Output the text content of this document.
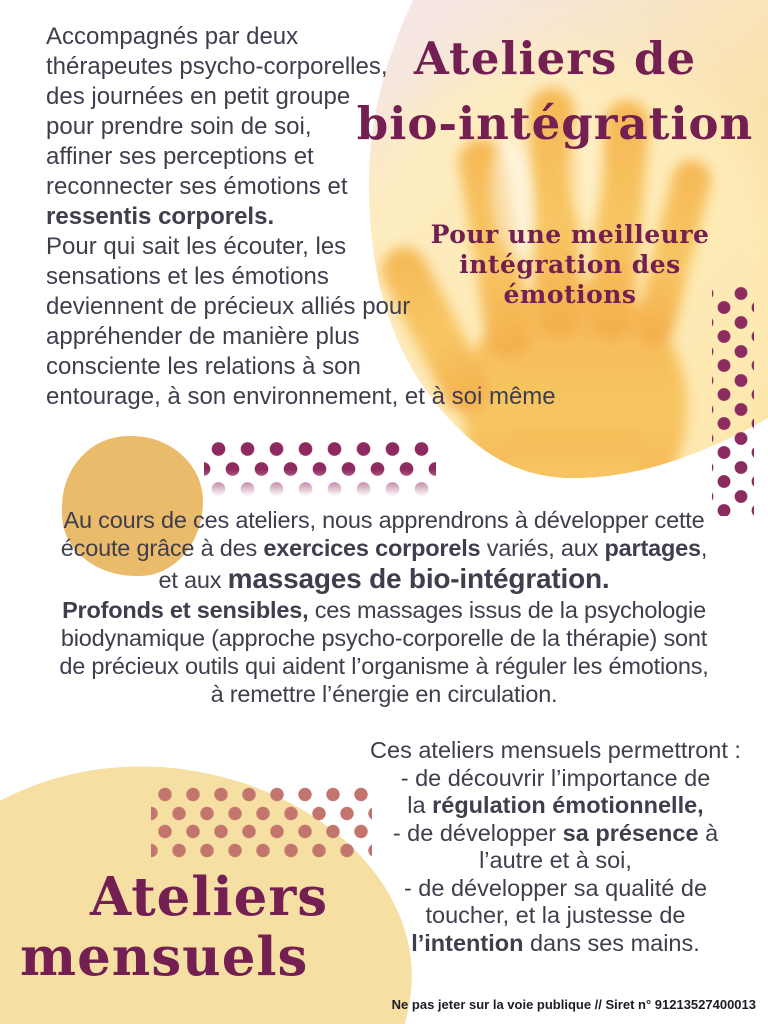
Accompagnés par deux
thérapeutes psycho-corporelles,
des journées en petit groupe
pour prendre soin de soi,
affiner ses perceptions et
reconnecter ses émotions et
ressentis corporels.
Pour qui sait les écouter, les
sensations et les émotions
deviennent de précieux alliés pour
appréhender de manière plus
consciente les relations à son
entourage, à son environnement, et à soi même
Ateliers de
bio-intégration
Pour une meilleure
intégration des émotions
Au cours de ces ateliers, nous apprendrons à développer cette
écoute grâce à des exercices corporels variés, aux partages,
et aux massages de bio-intégration.
Profonds et sensibles, ces massages issus de la psychologie
biodynamique (approche psycho-corporelle de la thérapie) sont
de précieux outils qui aident l’organisme à réguler les émotions,
à remettre l’énergie en circulation.
Ces ateliers mensuels permettront :
- de découvrir l’importance de
la régulation émotionnelle,
- de développer sa présence à
l’autre et à soi,
- de développer sa qualité de
toucher, et la justesse de
l’intention dans ses mains.
Ateliers
mensuels
Ne pas jeter sur la voie publique // Siret n° 91213527400013
